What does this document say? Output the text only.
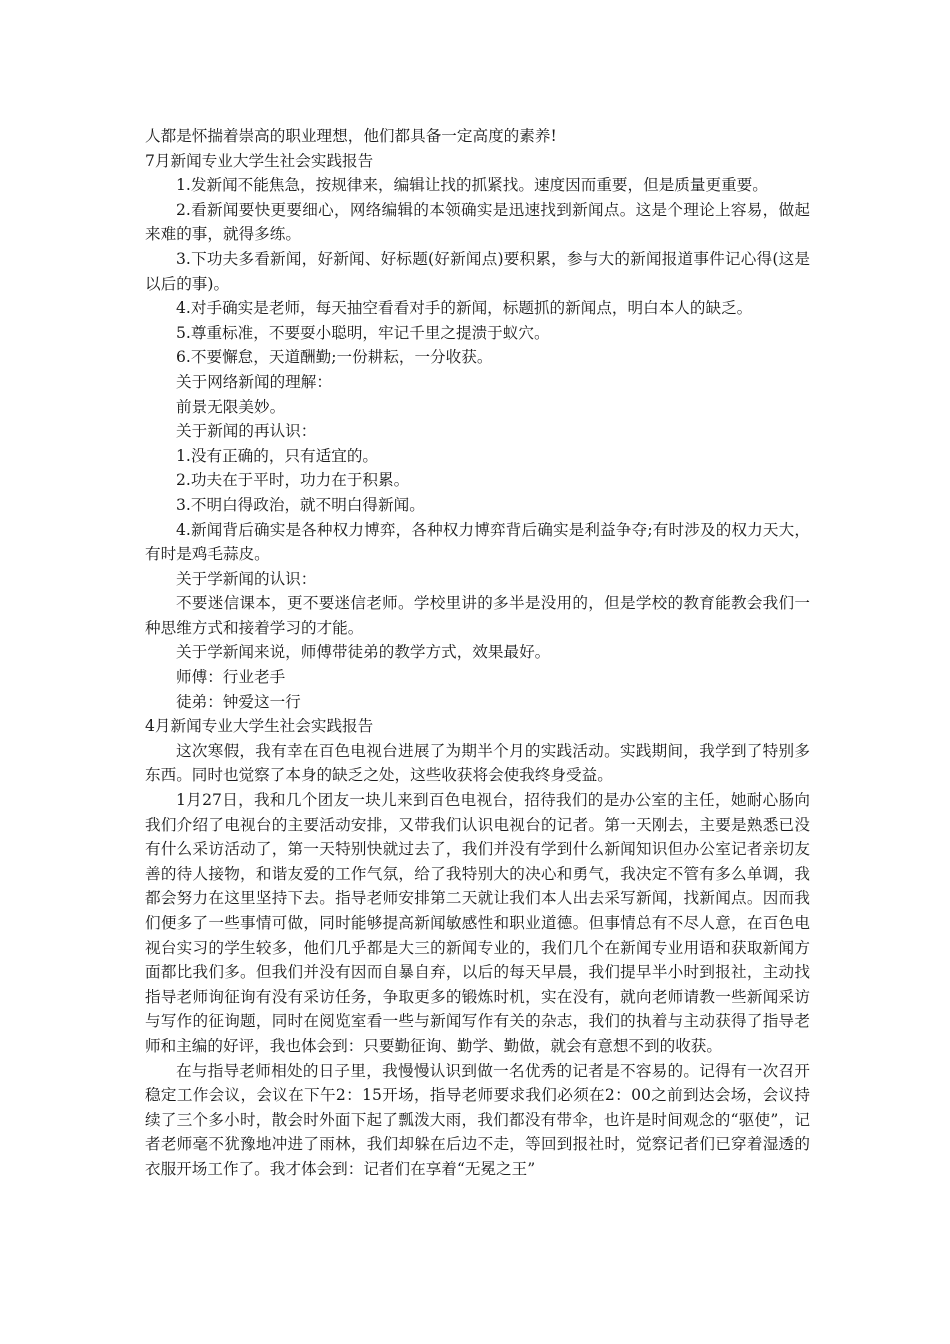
人都是怀揣着崇高的职业理想，他们都具备一定高度的素养!

7月新闻专业大学生社会实践报告

1.发新闻不能焦急，按规律来，编辑让找的抓紧找。速度因而重要，但是质量更重要。

2.看新闻要快更要细心，网络编辑的本领确实是迅速找到新闻点。这是个理论上容易，做起来难的事，就得多练。

3.下功夫多看新闻，好新闻、好标题(好新闻点)要积累，参与大的新闻报道事件记心得(这是以后的事)。

4.对手确实是老师，每天抽空看看对手的新闻，标题抓的新闻点，明白本人的缺乏。

5.尊重标准，不要耍小聪明，牢记千里之提溃于蚁穴。

6.不要懈怠，天道酬勤;一份耕耘，一分收获。

关于网络新闻的理解：

前景无限美妙。

关于新闻的再认识：

1.没有正确的，只有适宜的。

2.功夫在于平时，功力在于积累。

3.不明白得政治，就不明白得新闻。

4.新闻背后确实是各种权力博弈，各种权力博弈背后确实是利益争夺;有时涉及的权力天大，有时是鸡毛蒜皮。

关于学新闻的认识：

不要迷信课本，更不要迷信老师。学校里讲的多半是没用的，但是学校的教育能教会我们一种思维方式和接着学习的才能。

关于学新闻来说，师傅带徒弟的教学方式，效果最好。

师傅：行业老手

徒弟：钟爱这一行

4月新闻专业大学生社会实践报告

这次寒假，我有幸在百色电视台进展了为期半个月的实践活动。实践期间，我学到了特别多东西。同时也觉察了本身的缺乏之处，这些收获将会使我终身受益。

1月27日，我和几个团友一块儿来到百色电视台，招待我们的是办公室的主任，她耐心肠向我们介绍了电视台的主要活动安排，又带我们认识电视台的记者。第一天刚去，主要是熟悉已没有什么采访活动了，第一天特别快就过去了，我们并没有学到什么新闻知识但办公室记者亲切友善的待人接物，和谐友爱的工作气氛，给了我特别大的决心和勇气，我决定不管有多么单调，我都会努力在这里坚持下去。指导老师安排第二天就让我们本人出去采写新闻，找新闻点。因而我们便多了一些事情可做，同时能够提高新闻敏感性和职业道德。但事情总有不尽人意，在百色电视台实习的学生较多，他们几乎都是大三的新闻专业的，我们几个在新闻专业用语和获取新闻方面都比我们多。但我们并没有因而自暴自弃，以后的每天早晨，我们提早半小时到报社，主动找指导老师询征询有没有采访任务，争取更多的锻炼时机，实在没有，就向老师请教一些新闻采访与写作的征询题，同时在阅览室看一些与新闻写作有关的杂志，我们的执着与主动获得了指导老师和主编的好评，我也体会到：只要勤征询、勤学、勤做，就会有意想不到的收获。

在与指导老师相处的日子里，我慢慢认识到做一名优秀的记者是不容易的。记得有一次召开稳定工作会议，会议在下午2：15开场，指导老师要求我们必须在2：00之前到达会场，会议持续了三个多小时，散会时外面下起了瓢泼大雨，我们都没有带伞，也许是时间观念的“驱使”，记者老师毫不犹豫地冲进了雨林，我们却躲在后边不走，等回到报社时，觉察记者们已穿着湿透的衣服开场工作了。我才体会到：记者们在享着“无冕之王”
